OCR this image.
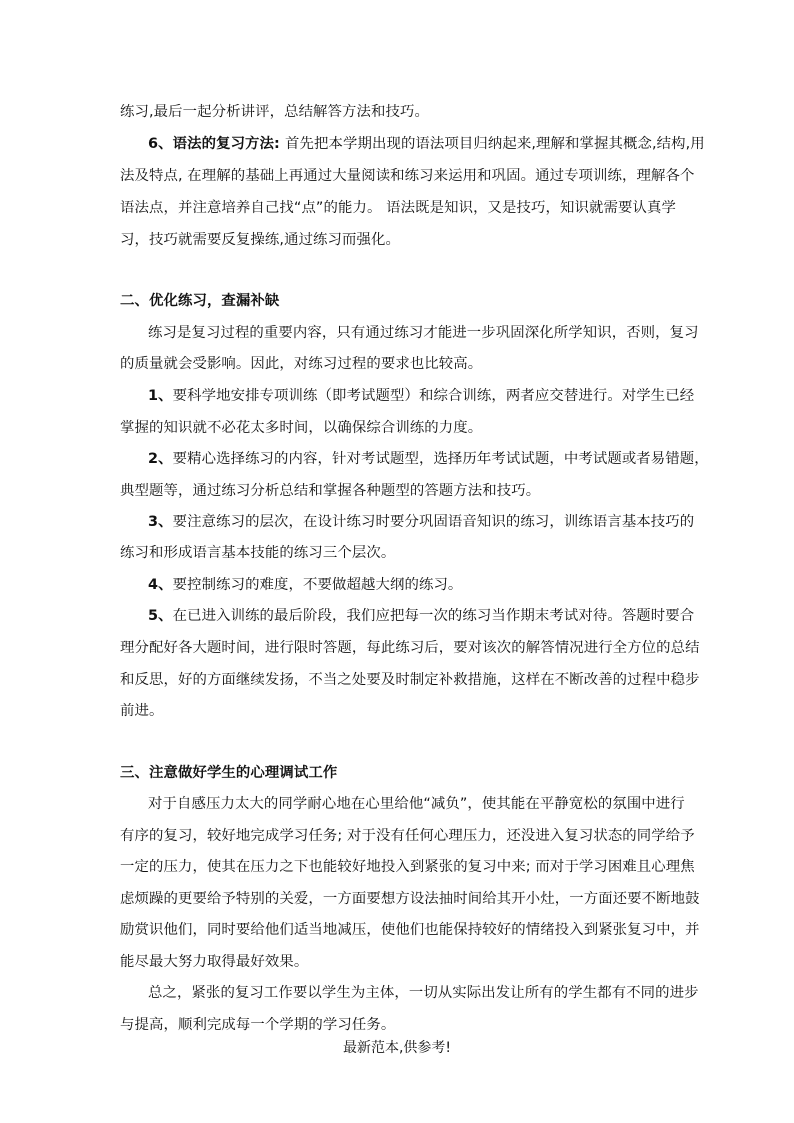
练习,最后一起分析讲评，总结解答方法和技巧。
6、语法的复习方法: 首先把本学期出现的语法项目归纳起来,理解和掌握其概念,结构,用
法及特点, 在理解的基础上再通过大量阅读和练习来运用和巩固。通过专项训练，理解各个
语法点，并注意培养自己找“点”的能力。 语法既是知识，又是技巧，知识就需要认真学
习，技巧就需要反复操练,通过练习而强化。
二、优化练习，查漏补缺
练习是复习过程的重要内容，只有通过练习才能进一步巩固深化所学知识，否则，复习
的质量就会受影响。因此，对练习过程的要求也比较高。
1、要科学地安排专项训练（即考试题型）和综合训练，两者应交替进行。对学生已经
掌握的知识就不必花太多时间，以确保综合训练的力度。
2、要精心选择练习的内容，针对考试题型，选择历年考试试题，中考试题或者易错题，
典型题等，通过练习分析总结和掌握各种题型的答题方法和技巧。
3、要注意练习的层次，在设计练习时要分巩固语音知识的练习，训练语言基本技巧的
练习和形成语言基本技能的练习三个层次。
4、要控制练习的难度，不要做超越大纲的练习。
5、在已进入训练的最后阶段，我们应把每一次的练习当作期末考试对待。答题时要合
理分配好各大题时间，进行限时答题，每此练习后，要对该次的解答情况进行全方位的总结
和反思，好的方面继续发扬，不当之处要及时制定补救措施，这样在不断改善的过程中稳步
前进。
三、注意做好学生的心理调试工作
对于自感压力太大的同学耐心地在心里给他“减负”，使其能在平静宽松的氛围中进行
有序的复习，较好地完成学习任务; 对于没有任何心理压力，还没进入复习状态的同学给予
一定的压力，使其在压力之下也能较好地投入到紧张的复习中来; 而对于学习困难且心理焦
虑烦躁的更要给予特别的关爱，一方面要想方设法抽时间给其开小灶，一方面还要不断地鼓
励赏识他们，同时要给他们适当地减压，使他们也能保持较好的情绪投入到紧张复习中，并
能尽最大努力取得最好效果。
总之，紧张的复习工作要以学生为主体，一切从实际出发让所有的学生都有不同的进步
与提高，顺利完成每一个学期的学习任务。
最新范本,供参考!
